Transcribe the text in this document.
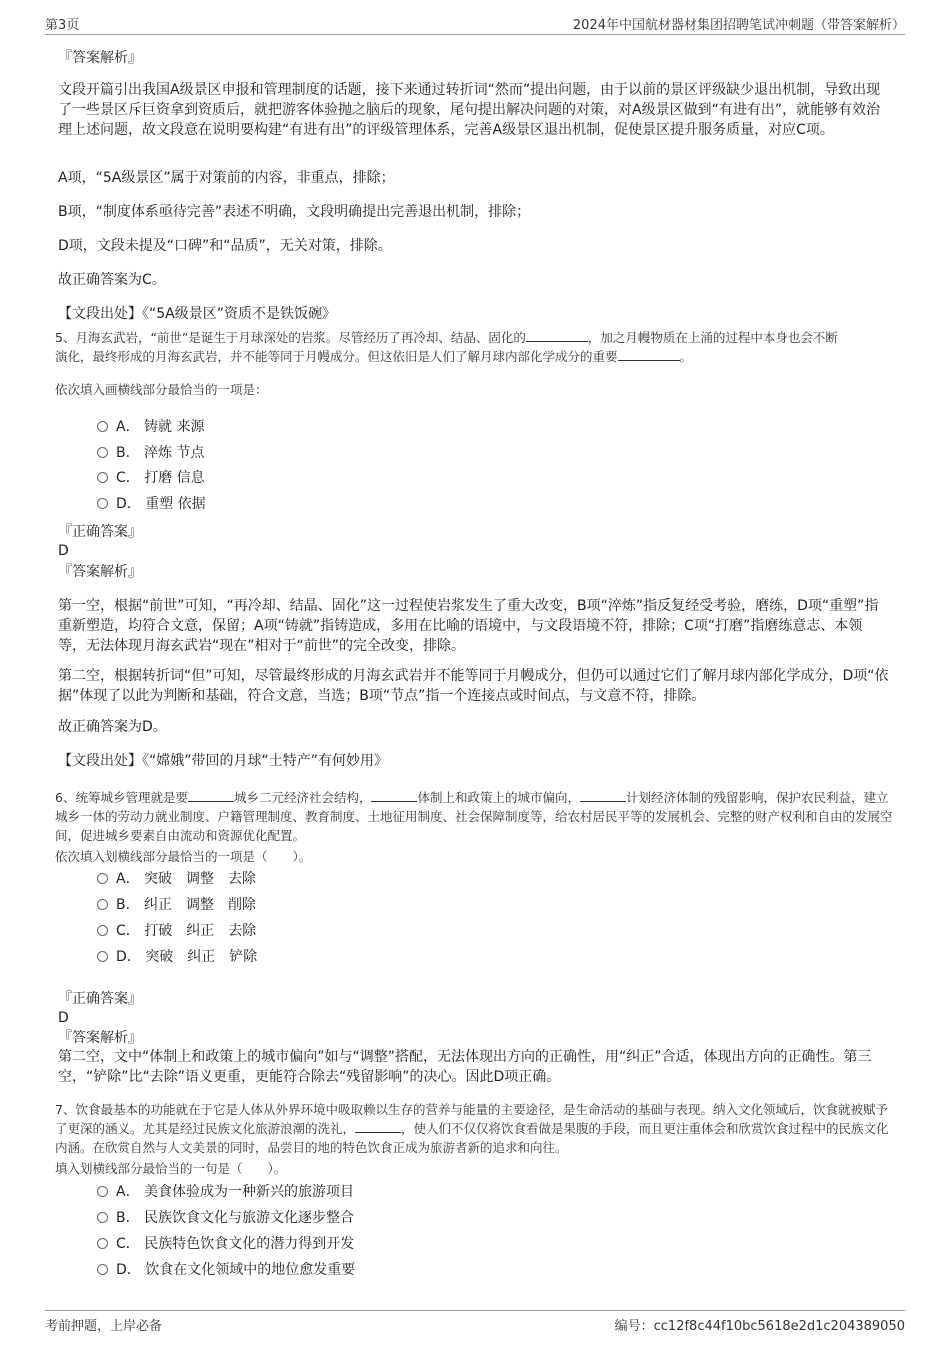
第3页	2024年中国航材器材集团招聘笔试冲刺题（带答案解析）
『答案解析』
文段开篇引出我国A级景区申报和管理制度的话题，接下来通过转折词“然而”提出问题，由于以前的景区评级缺少退出机制，导致出现了一些景区斥巨资拿到资质后，就把游客体验抛之脑后的现象，尾句提出解决问题的对策，对A级景区做到“有进有出”，就能够有效治理上述问题，故文段意在说明要构建“有进有出”的评级管理体系，完善A级景区退出机制，促使景区提升服务质量，对应C项。
A项，“5A级景区”属于对策前的内容，非重点，排除；
B项，“制度体系亟待完善”表述不明确，文段明确提出完善退出机制，排除；
D项，文段未提及“口碑”和“品质”，无关对策，排除。
故正确答案为C。
【文段出处】《“5A级景区”资质不是铁饭碗》
5、月海玄武岩，“前世”是诞生于月球深处的岩浆。尽管经历了再冷却、结晶、固化的	，加之月幔物质在上涌的过程中本身也会不断
演化，最终形成的月海玄武岩，并不能等同于月幔成分。但这依旧是人们了解月球内部化学成分的重要	。
依次填入画横线部分最恰当的一项是：
A． 铸就 来源
B． 淬炼 节点
C． 打磨 信息
D． 重塑 依据
『正确答案』
D
『答案解析』
第一空，根据“前世”可知，“再冷却、结晶、固化”这一过程使岩浆发生了重大改变，B项“淬炼”指反复经受考验，磨练，D项“重塑”指重新塑造，均符合文意，保留；A项“铸就”指铸造成，多用在比喻的语境中，与文段语境不符，排除；C项“打磨”指磨练意志、本领等，无法体现月海玄武岩“现在”相对于“前世”的完全改变，排除。
第二空，根据转折词“但”可知，尽管最终形成的月海玄武岩并不能等同于月幔成分，但仍可以通过它们了解月球内部化学成分，D项“依据”体现了以此为判断和基础，符合文意，当选；B项“节点”指一个连接点或时间点，与文意不符，排除。
故正确答案为D。
【文段出处】《“嫦娥”带回的月球“土特产”有何妙用》
6、统筹城乡管理就是要	城乡二元经济社会结构，	体制上和政策上的城市偏向，	计划经济体制的残留影响，保护农民利益，建立城乡一体的劳动力就业制度、户籍管理制度、教育制度、土地征用制度、社会保障制度等，给农村居民平等的发展机会、完整的财产权利和自由的发展空间，促进城乡要素自由流动和资源优化配置。
依次填入划横线部分最恰当的一项是（　　）。
A． 突破　调整　去除
B． 纠正　调整　削除
C． 打破　纠正　去除
D． 突破　纠正　铲除
『正确答案』
D
『答案解析』
第二空，文中“体制上和政策上的城市偏向”如与“调整”搭配，无法体现出方向的正确性，用“纠正”合适，体现出方向的正确性。第三空，“铲除”比“去除”语义更重，更能符合除去“残留影响”的决心。因此D项正确。
7、饮食最基本的功能就在于它是人体从外界环境中吸取赖以生存的营养与能量的主要途径，是生命活动的基础与表现。纳入文化领域后，饮食就被赋予了更深的涵义。尤其是经过民族文化旅游浪潮的洗礼，	，使人们不仅仅将饮食看做是果腹的手段，而且更注重体会和欣赏饮食过程中的民族文化内涵。在欣赏自然与人文美景的同时，品尝目的地的特色饮食正成为旅游者新的追求和向往。
填入划横线部分最恰当的一句是（　　）。
A． 美食体验成为一种新兴的旅游项目
B． 民族饮食文化与旅游文化逐步整合
C． 民族特色饮食文化的潜力得到开发
D． 饮食在文化领域中的地位愈发重要
考前押题，上岸必备	编号：cc12f8c44f10bc5618e2d1c204389050
